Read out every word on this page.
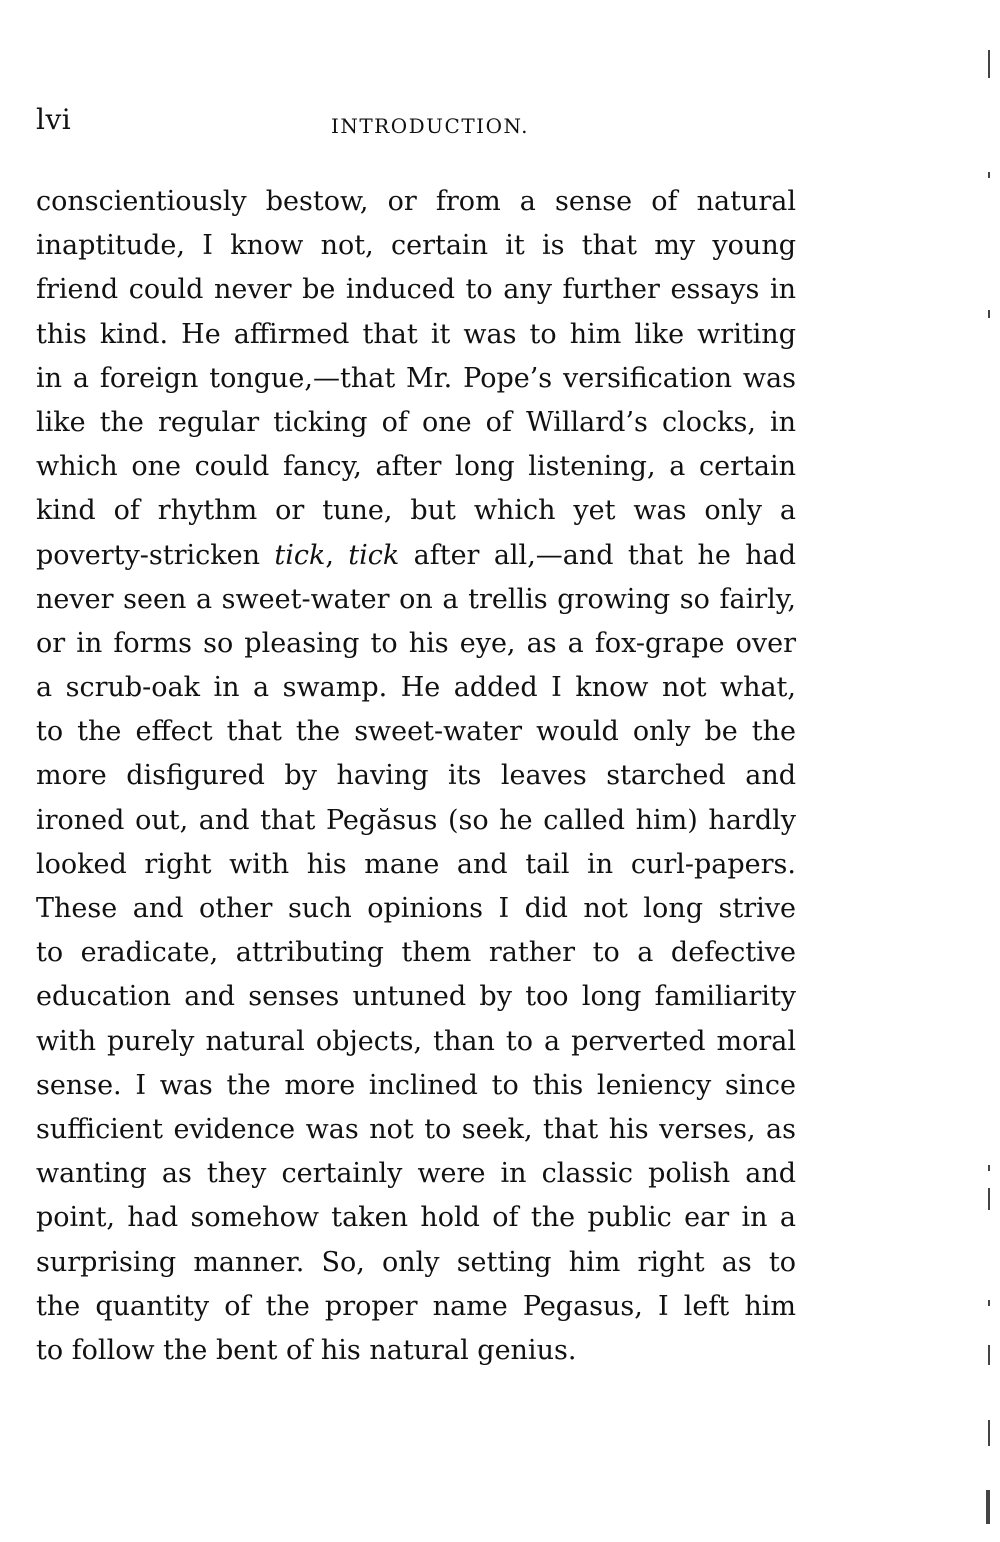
lvi	INTRODUCTION.
conscientiously bestow, or from a sense of natural
inaptitude, I know not, certain it is that my young
friend could never be induced to any further essays in
this kind. He affirmed that it was to him like writing
in a foreign tongue,—that Mr. Pope’s versification was
like the regular ticking of one of Willard’s clocks, in
which one could fancy, after long listening, a certain
kind of rhythm or tune, but which yet was only a
poverty-stricken tick, tick after all,—and that he had
never seen a sweet-water on a trellis growing so fairly,
or in forms so pleasing to his eye, as a fox-grape over
a scrub-oak in a swamp. He added I know not what,
to the effect that the sweet-water would only be the
more disfigured by having its leaves starched and
ironed out, and that Pegăsus (so he called him) hardly
looked right with his mane and tail in curl-papers.
These and other such opinions I did not long strive
to eradicate, attributing them rather to a defective
education and senses untuned by too long familiarity
with purely natural objects, than to a perverted moral
sense. I was the more inclined to this leniency since
sufficient evidence was not to seek, that his verses, as
wanting as they certainly were in classic polish and
point, had somehow taken hold of the public ear in a
surprising manner. So, only setting him right as to
the quantity of the proper name Pegasus, I left him
to follow the bent of his natural genius.
